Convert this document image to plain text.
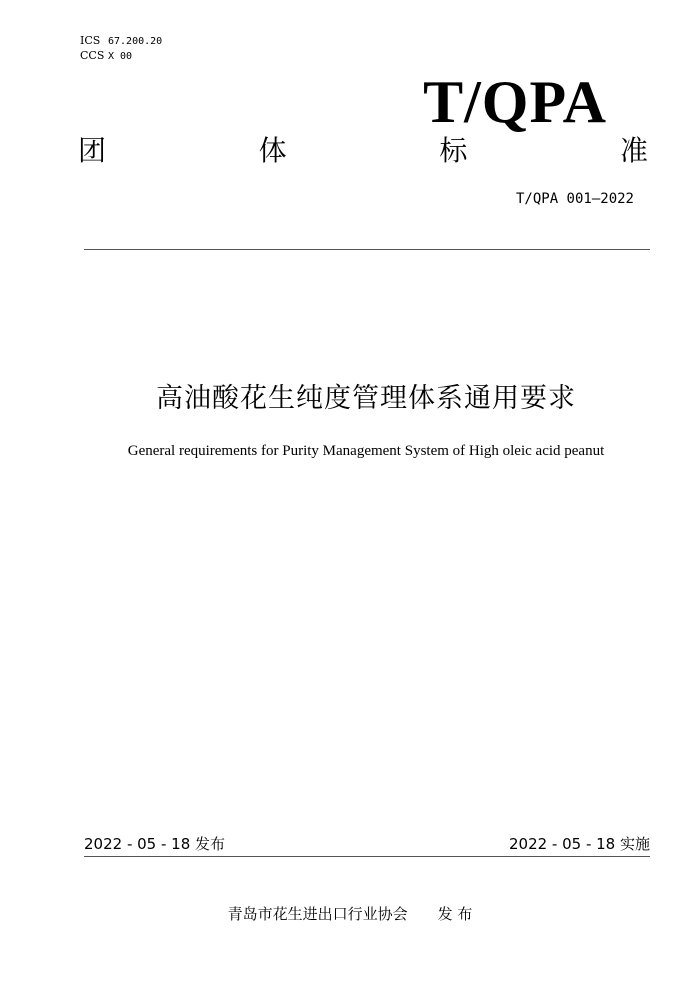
ICS 67.200.20
CCS X 00
T/QPA
团	体	标	准
T/QPA 001—2022
高油酸花生纯度管理体系通用要求
General requirements for Purity Management System of High oleic acid peanut
2022 - 05 - 18 发布	2022 - 05 - 18 实施
青岛市花生进出口行业协会 发 布
